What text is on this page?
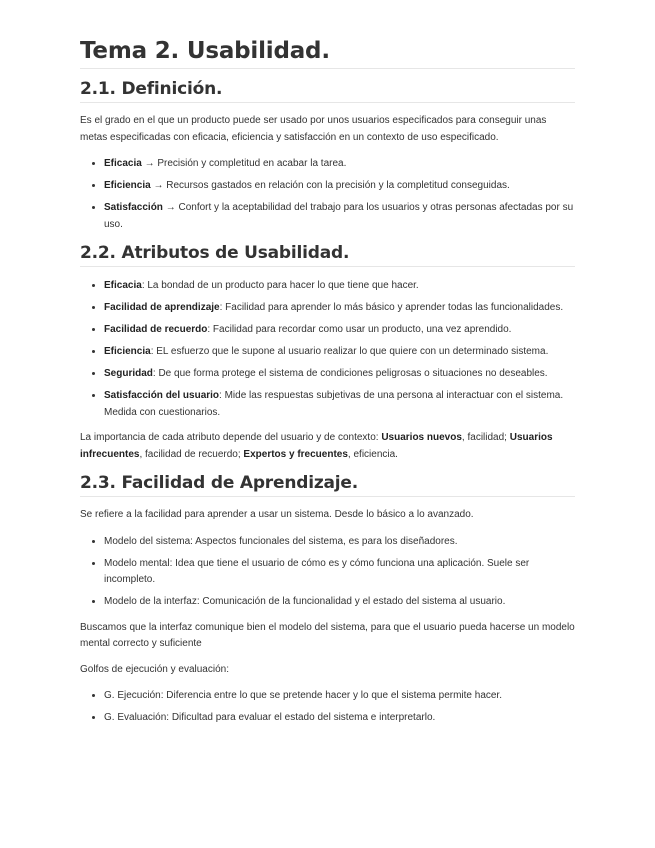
Tema 2. Usabilidad.
2.1. Definición.

Es el grado en el que un producto puede ser usado por unos usuarios especificados para conseguir unas
metas especificadas con eficacia, eficiencia y satisfacción en un contexto de uso especificado.

• Eficacia → Precisión y completitud en acabar la tarea.
• Eficiencia → Recursos gastados en relación con la precisión y la completitud conseguidas.
• Satisfacción → Confort y la aceptabilidad del trabajo para los usuarios y otras personas afectadas por su uso.
2.2. Atributos de Usabilidad.
• Eficacia: La bondad de un producto para hacer lo que tiene que hacer.
• Facilidad de aprendizaje: Facilidad para aprender lo más básico y aprender todas las funcionalidades.
• Facilidad de recuerdo: Facilidad para recordar como usar un producto, una vez aprendido.
• Eficiencia: EL esfuerzo que le supone al usuario realizar lo que quiere con un determinado sistema.
• Seguridad: De que forma protege el sistema de condiciones peligrosas o situaciones no deseables.
• Satisfacción del usuario: Mide las respuestas subjetivas de una persona al interactuar con el sistema. Medida con cuestionarios.

La importancia de cada atributo depende del usuario y de contexto: Usuarios nuevos, facilidad; Usuarios infrecuentes, facilidad de recuerdo; Expertos y frecuentes, eficiencia.

2.3. Facilidad de Aprendizaje.

Se refiere a la facilidad para aprender a usar un sistema. Desde lo básico a lo avanzado.

• Modelo del sistema: Aspectos funcionales del sistema, es para los diseñadores.
• Modelo mental: Idea que tiene el usuario de cómo es y cómo funciona una aplicación. Suele ser incompleto.
• Modelo de la interfaz: Comunicación de la funcionalidad y el estado del sistema al usuario.

Buscamos que la interfaz comunique bien el modelo del sistema, para que el usuario pueda hacerse un modelo mental correcto y suficiente

Golfos de ejecución y evaluación:

• G. Ejecución: Diferencia entre lo que se pretende hacer y lo que el sistema permite hacer.
• G. Evaluación: Dificultad para evaluar el estado del sistema e interpretarlo.
